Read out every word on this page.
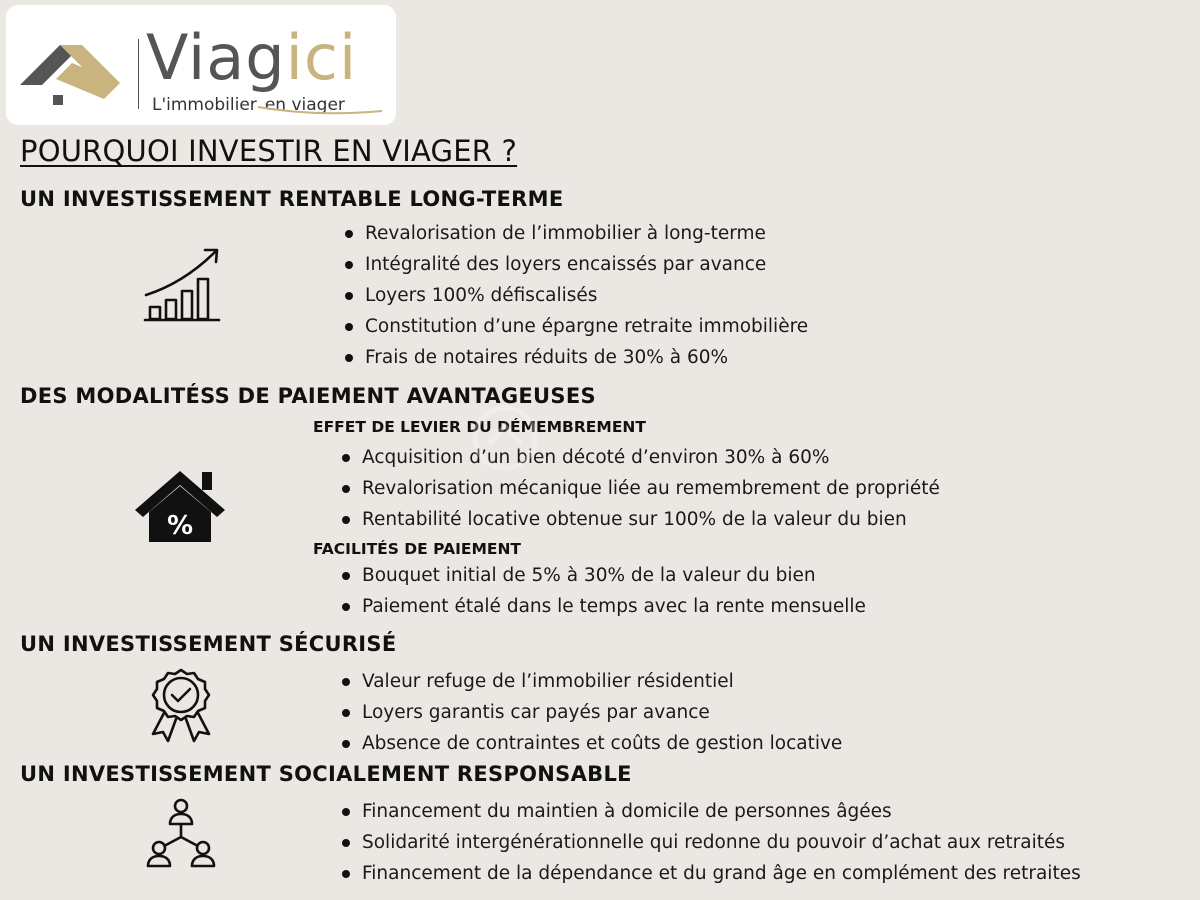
Viagici
L'immobilier en viager
POURQUOI INVESTIR EN VIAGER ?
UN INVESTISSEMENT RENTABLE LONG-TERME
Revalorisation de l’immobilier à long-terme
Intégralité des loyers encaissés par avance
Loyers 100% défiscalisés
Constitution d’une épargne retraite immobilière
Frais de notaires réduits de 30% à 60%
DES MODALITÉSS DE PAIEMENT AVANTAGEUSES
EFFET DE LEVIER DU DÉMEMBREMENT
%
Acquisition d’un bien décoté d’environ 30% à 60%
Revalorisation mécanique liée au remembrement de propriété
Rentabilité locative obtenue sur 100% de la valeur du bien
FACILITÉS DE PAIEMENT
Bouquet initial de 5% à 30% de la valeur du bien
Paiement étalé dans le temps avec la rente mensuelle
UN INVESTISSEMENT SÉCURISÉ
Valeur refuge de l’immobilier résidentiel
Loyers garantis car payés par avance
Absence de contraintes et coûts de gestion locative
UN INVESTISSEMENT SOCIALEMENT RESPONSABLE
Financement du maintien à domicile de personnes âgées
Solidarité intergénérationnelle qui redonne du pouvoir d’achat aux retraités
Financement de la dépendance et du grand âge en complément des retraites
